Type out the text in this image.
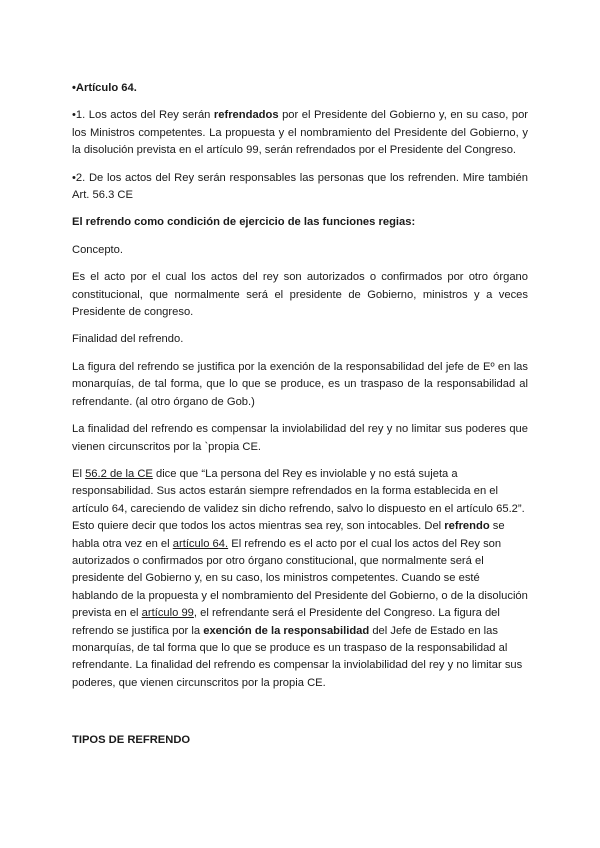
•Artículo 64.

•1. Los actos del Rey serán refrendados por el Presidente del Gobierno y, en su caso, por los Ministros competentes. La propuesta y el nombramiento del Presidente del Gobierno, y la disolución prevista en el artículo 99, serán refrendados por el Presidente del Congreso.

•2. De los actos del Rey serán responsables las personas que los refrenden. Mire también Art. 56.3 CE

El refrendo como condición de ejercicio de las funciones regias:

Concepto.

Es el acto por el cual los actos del rey son autorizados o confirmados por otro órgano constitucional, que normalmente será el presidente de Gobierno, ministros y a veces Presidente de congreso.

Finalidad del refrendo.

La figura del refrendo se justifica por la exención de la responsabilidad del jefe de Eº en las monarquías, de tal forma, que lo que se produce, es un traspaso de la responsabilidad al refrendante. (al otro órgano de Gob.)

La finalidad del refrendo es compensar la inviolabilidad del rey y no limitar sus poderes que vienen circunscritos por la `propia CE.

El 56.2 de la CE dice que “La persona del Rey es inviolable y no está sujeta a responsabilidad. Sus actos estarán siempre refrendados en la forma establecida en el artículo 64, careciendo de validez sin dicho refrendo, salvo lo dispuesto en el artículo 65.2”. Esto quiere decir que todos los actos mientras sea rey, son intocables. Del refrendo se habla otra vez en el artículo 64. El refrendo es el acto por el cual los actos del Rey son autorizados o confirmados por otro órgano constitucional, que normalmente será el presidente del Gobierno y, en su caso, los ministros competentes. Cuando se esté hablando de la propuesta y el nombramiento del Presidente del Gobierno, o de la disolución prevista en el artículo 99, el refrendante será el Presidente del Congreso. La figura del refrendo se justifica por la exención de la responsabilidad del Jefe de Estado en las monarquías, de tal forma que lo que se produce es un traspaso de la responsabilidad al refrendante. La finalidad del refrendo es compensar la inviolabilidad del rey y no limitar sus poderes, que vienen circunscritos por la propia CE.

TIPOS DE REFRENDO
